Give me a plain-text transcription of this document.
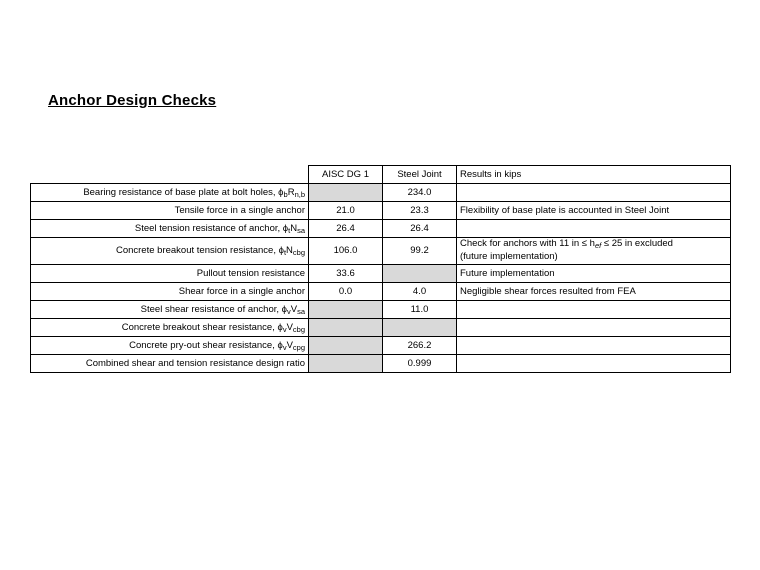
Anchor Design Checks
	AISC DG 1	Steel Joint	Results in kips
Bearing resistance of base plate at bolt holes, $\phi_bR_{n,b}$		234.0	
Tensile force in a single anchor	21.0	23.3	Flexibility of base plate is accounted in Steel Joint
Steel tension resistance of anchor, $\phi_tN_{sa}$	26.4	26.4	
Concrete breakout tension resistance, $\phi_tN_{cbg}$	106.0	99.2	Check for anchors with 11 in ≤ $h_{ef} \le 25$ in excluded
(future implementation)
Pullout tension resistance	33.6		Future implementation
Shear force in a single anchor	0.0	4.0	Negligible shear forces resulted from FEA
Steel shear resistance of anchor, $\phi_vV_{sa}$		11.0	
Concrete breakout shear resistance, $\phi_vV_{cbg}$			
Concrete pry-out shear resistance, $\phi_vV_{cpg}$		266.2	
Combined shear and tension resistance design ratio		0.999	
